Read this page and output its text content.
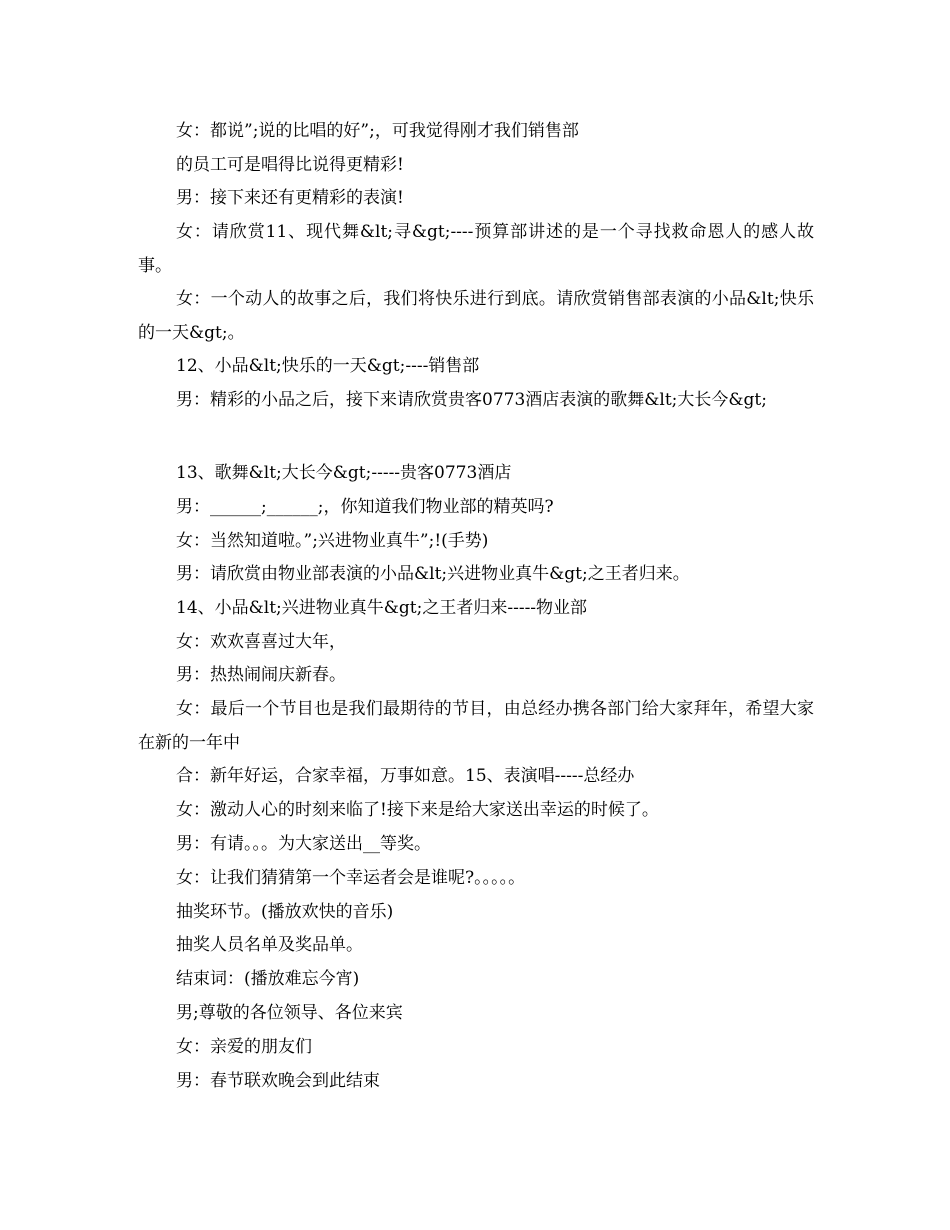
女：都说”;说的比唱的好”;，可我觉得刚才我们销售部
的员工可是唱得比说得更精彩!
男：接下来还有更精彩的表演!
女：请欣赏11、现代舞&lt;寻&gt;----预算部讲述的是一个寻找救命恩人的感人故事。
女：一个动人的故事之后，我们将快乐进行到底。请欣赏销售部表演的小品&lt;快乐的一天&gt;。
12、小品&lt;快乐的一天&gt;----销售部
男：精彩的小品之后，接下来请欣赏贵客0773酒店表演的歌舞&lt;大长今&gt;
13、歌舞&lt;大长今&gt;-----贵客0773酒店
男：______;______;，你知道我们物业部的精英吗?
女：当然知道啦。”;兴进物业真牛”;!(手势)
男：请欣赏由物业部表演的小品&lt;兴进物业真牛&gt;之王者归来。
14、小品&lt;兴进物业真牛&gt;之王者归来-----物业部
女：欢欢喜喜过大年，
男：热热闹闹庆新春。
女：最后一个节目也是我们最期待的节目，由总经办携各部门给大家拜年，希望大家在新的一年中
合：新年好运，合家幸福，万事如意。15、表演唱-----总经办
女：激动人心的时刻来临了!接下来是给大家送出幸运的时候了。
男：有请。。。为大家送出__等奖。
女：让我们猜猜第一个幸运者会是谁呢?。。。。。
抽奖环节。(播放欢快的音乐)
抽奖人员名单及奖品单。
结束词：(播放难忘今宵)
男;尊敬的各位领导、各位来宾
女：亲爱的朋友们
男：春节联欢晚会到此结束
